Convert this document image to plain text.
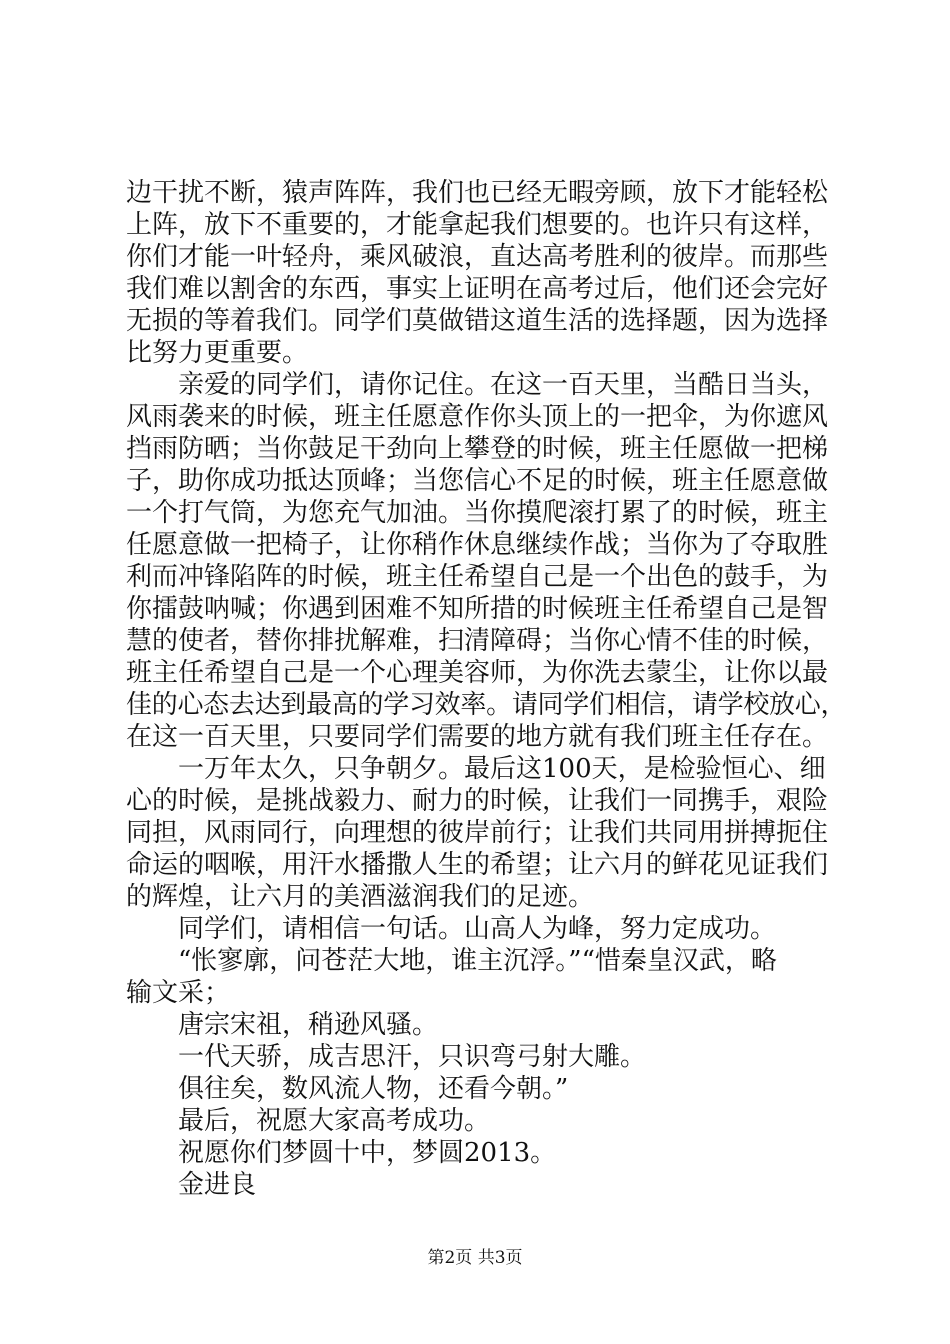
边干扰不断，猿声阵阵，我们也已经无暇旁顾，放下才能轻松
上阵，放下不重要的，才能拿起我们想要的。也许只有这样，
你们才能一叶轻舟，乘风破浪，直达高考胜利的彼岸。而那些
我们难以割舍的东西，事实上证明在高考过后，他们还会完好
无损的等着我们。同学们莫做错这道生活的选择题，因为选择
比努力更重要。
亲爱的同学们，请你记住。在这一百天里，当酷日当头，
风雨袭来的时候，班主任愿意作你头顶上的一把伞，为你遮风
挡雨防晒；当你鼓足干劲向上攀登的时候，班主任愿做一把梯
子，助你成功抵达顶峰；当您信心不足的时候，班主任愿意做
一个打气筒，为您充气加油。当你摸爬滚打累了的时候，班主
任愿意做一把椅子，让你稍作休息继续作战；当你为了夺取胜
利而冲锋陷阵的时候，班主任希望自己是一个出色的鼓手，为
你擂鼓呐喊；你遇到困难不知所措的时候班主任希望自己是智
慧的使者，替你排扰解难，扫清障碍；当你心情不佳的时候，
班主任希望自己是一个心理美容师，为你洗去蒙尘，让你以最
佳的心态去达到最高的学习效率。请同学们相信，请学校放心，
在这一百天里，只要同学们需要的地方就有我们班主任存在。
一万年太久，只争朝夕。最后这100天，是检验恒心、细
心的时候，是挑战毅力、耐力的时候，让我们一同携手，艰险
同担，风雨同行，向理想的彼岸前行；让我们共同用拼搏扼住
命运的咽喉，用汗水播撒人生的希望；让六月的鲜花见证我们
的辉煌，让六月的美酒滋润我们的足迹。
同学们，请相信一句话。山高人为峰，努力定成功。
“怅寥廓，问苍茫大地，谁主沉浮。”“惜秦皇汉武，略
输文采；
唐宗宋祖，稍逊风骚。
一代天骄，成吉思汗，只识弯弓射大雕。
俱往矣，数风流人物，还看今朝。”
最后，祝愿大家高考成功。
祝愿你们梦圆十中，梦圆2013。
金进良
第2页 共3页
